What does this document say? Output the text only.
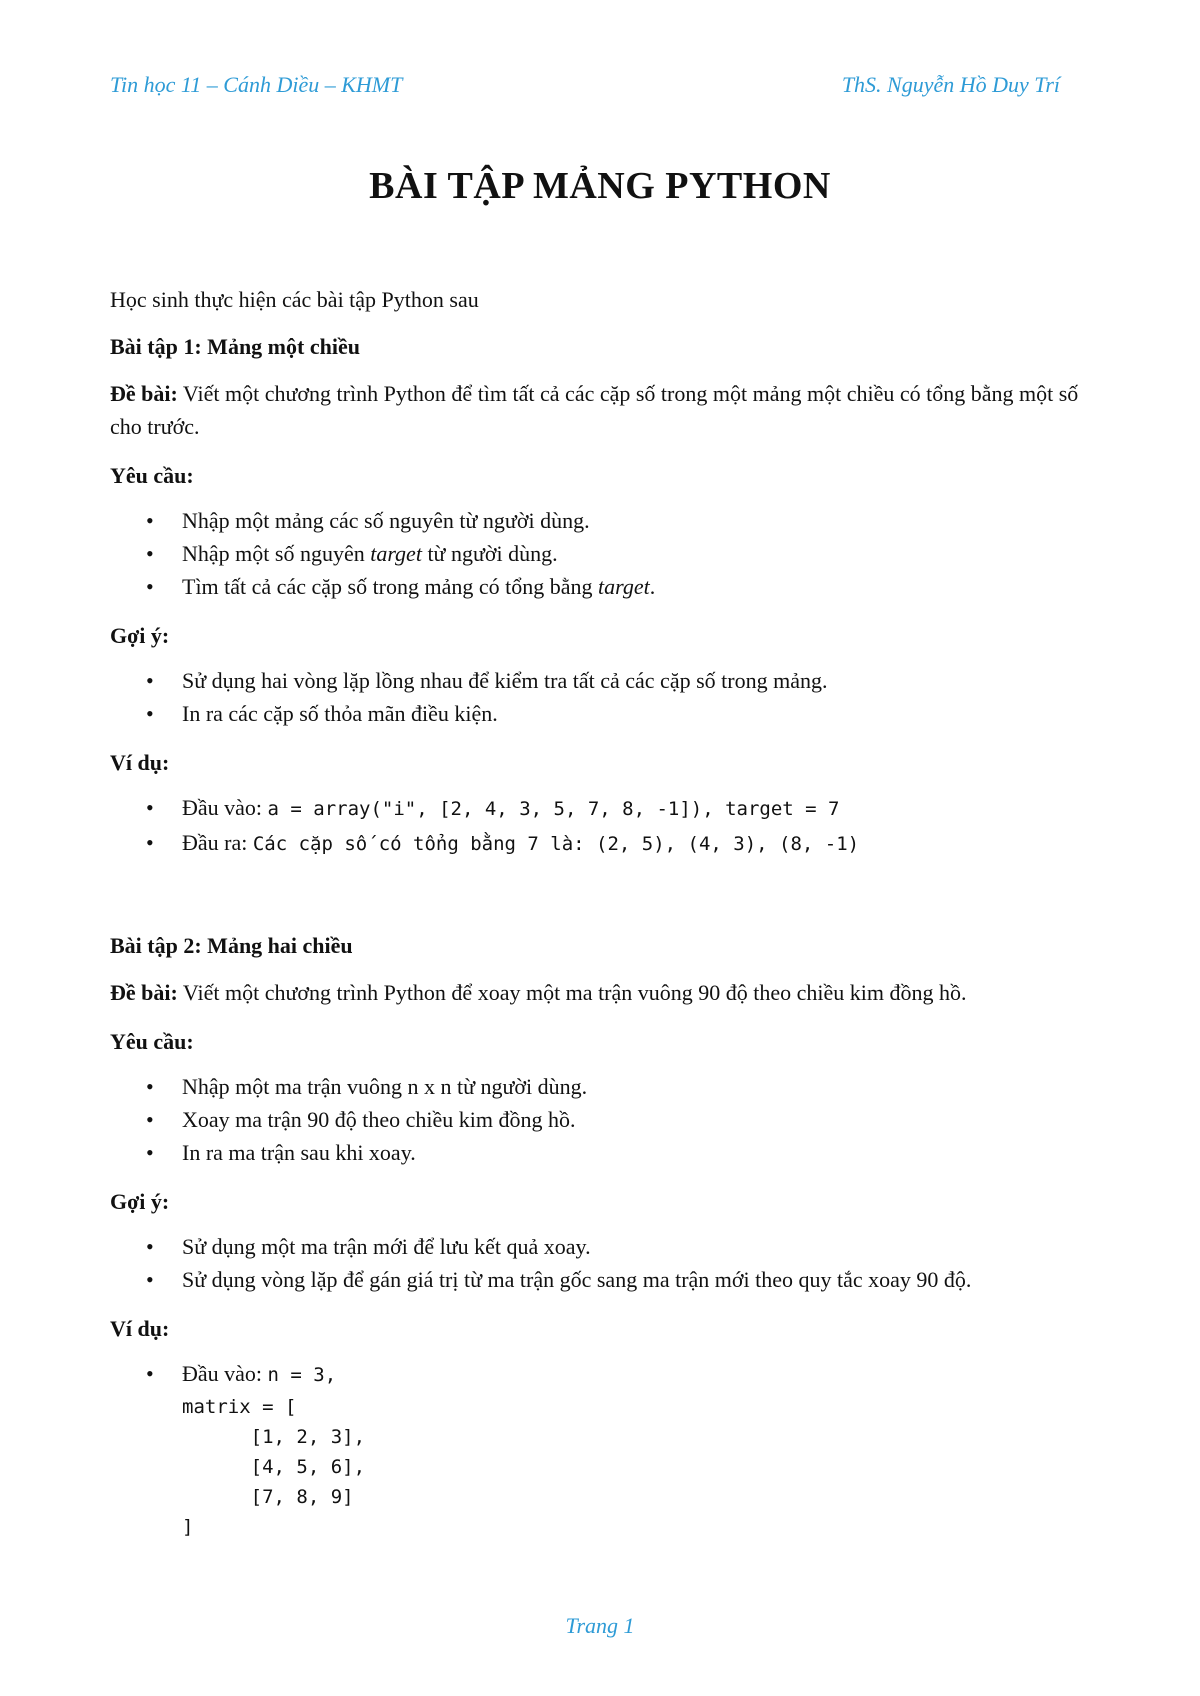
Tin học 11 – Cánh Diều – KHMT	ThS. Nguyễn Hồ Duy Trí
BÀI TẬP MẢNG PYTHON

Học sinh thực hiện các bài tập Python sau

Bài tập 1: Mảng một chiều

Đề bài: Viết một chương trình Python để tìm tất cả các cặp số trong một mảng một chiều có tổng bằng một số cho trước.

Yêu cầu:

• Nhập một mảng các số nguyên từ người dùng.
• Nhập một số nguyên target từ người dùng.
• Tìm tất cả các cặp số trong mảng có tổng bằng target.

Gợi ý:

• Sử dụng hai vòng lặp lồng nhau để kiểm tra tất cả các cặp số trong mảng.
• In ra các cặp số thỏa mãn điều kiện.

Ví dụ:

• Đầu vào: a = array("i", [2, 4, 3, 5, 7, 8, -1]), target = 7
• Đầu ra: Các cặp số có tổng bằng 7 là: (2, 5), (4, 3), (8, -1)

Bài tập 2: Mảng hai chiều

Đề bài: Viết một chương trình Python để xoay một ma trận vuông 90 độ theo chiều kim đồng hồ.

Yêu cầu:

• Nhập một ma trận vuông n x n từ người dùng.
• Xoay ma trận 90 độ theo chiều kim đồng hồ.
• In ra ma trận sau khi xoay.

Gợi ý:

• Sử dụng một ma trận mới để lưu kết quả xoay.
• Sử dụng vòng lặp để gán giá trị từ ma trận gốc sang ma trận mới theo quy tắc xoay 90 độ.

Ví dụ:

• Đầu vào: n = 3,
matrix = [
[1, 2, 3],
[4, 5, 6],
[7, 8, 9]
]
Trang 1
